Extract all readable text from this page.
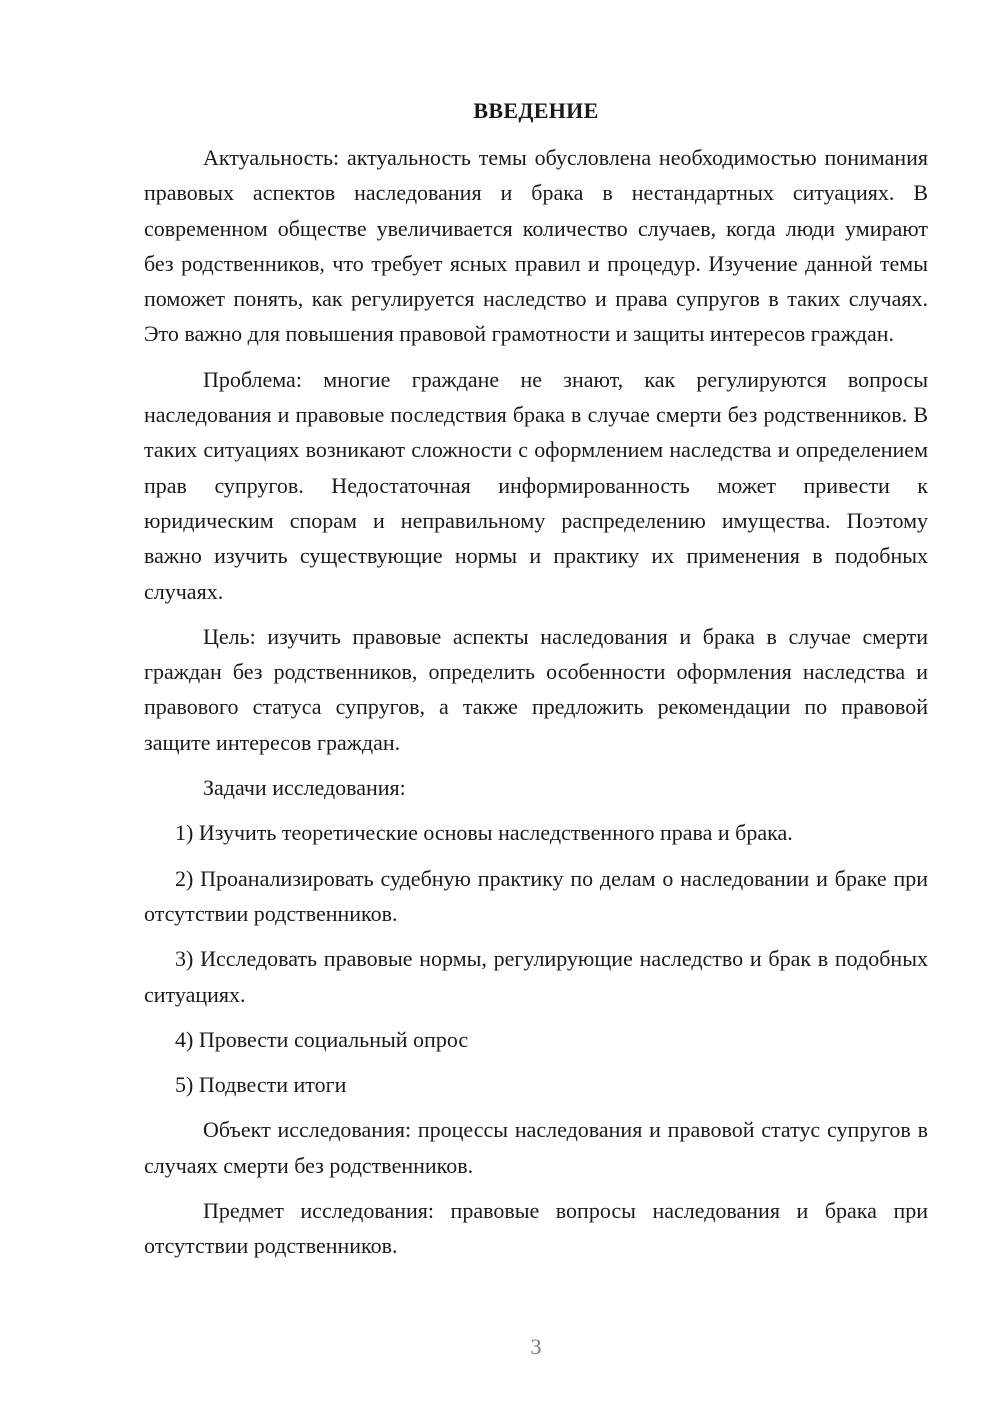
ВВЕДЕНИЕ

Актуальность: актуальность темы обусловлена необходимостью понимания правовых аспектов наследования и брака в нестандартных ситуациях. В современном обществе увеличивается количество случаев, когда люди умирают без родственников, что требует ясных правил и процедур. Изучение данной темы поможет понять, как регулируется наследство и права супругов в таких случаях. Это важно для повышения правовой грамотности и защиты интересов граждан.

Проблема: многие граждане не знают, как регулируются вопросы наследования и правовые последствия брака в случае смерти без родственников. В таких ситуациях возникают сложности с оформлением наследства и определением прав супругов. Недостаточная информированность может привести к юридическим спорам и неправильному распределению имущества. Поэтому важно изучить существующие нормы и практику их применения в подобных случаях.

Цель: изучить правовые аспекты наследования и брака в случае смерти граждан без родственников, определить особенности оформления наследства и правового статуса супругов, а также предложить рекомендации по правовой защите интересов граждан.

Задачи исследования:

1) Изучить теоретические основы наследственного права и брака.

2) Проанализировать судебную практику по делам о наследовании и браке при отсутствии родственников.

3) Исследовать правовые нормы, регулирующие наследство и брак в подобных ситуациях.

4) Провести социальный опрос

5) Подвести итоги

Объект исследования: процессы наследования и правовой статус супругов в случаях смерти без родственников.

Предмет исследования: правовые вопросы наследования и брака при отсутствии родственников.

3
